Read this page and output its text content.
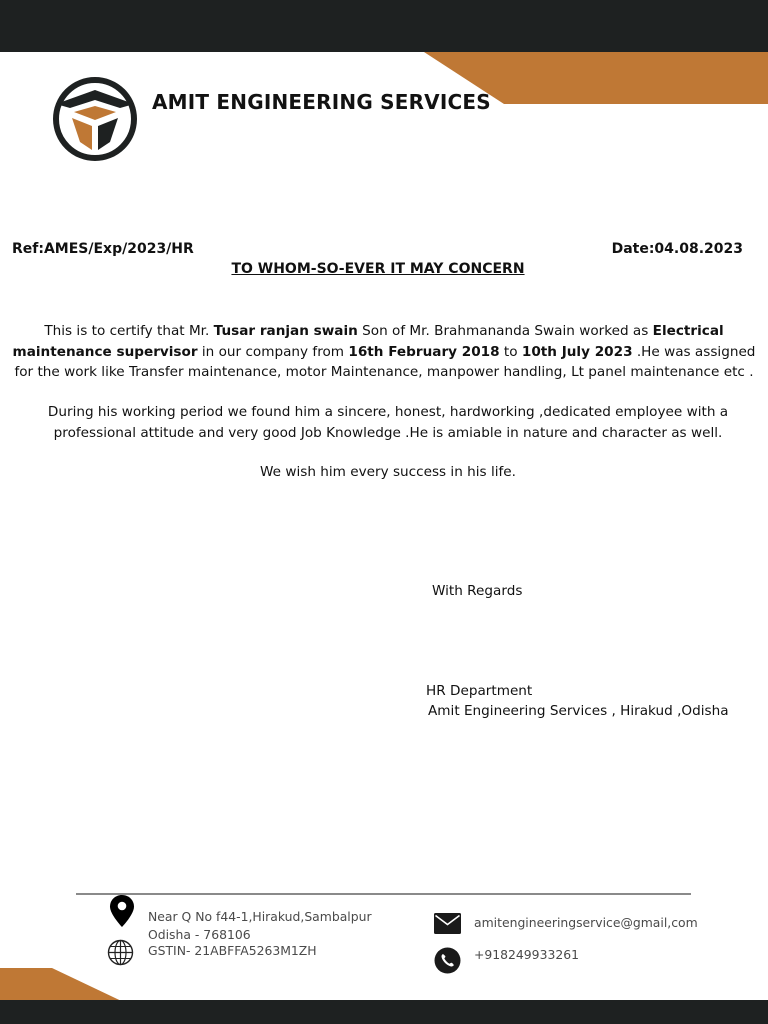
AMIT ENGINEERING SERVICES
Ref:AMES/Exp/2023/HR	Date:04.08.2023
TO WHOM-SO-EVER IT MAY CONCERN
This is to certify that Mr. Tusar ranjan swain Son of Mr. Brahmananda Swain worked as Electrical maintenance supervisor in our company from 16th February 2018 to 10th July 2023 .He was assigned for the work like Transfer maintenance, motor Maintenance, manpower handling, Lt panel maintenance etc .
During his working period we found him a sincere, honest, hardworking ,dedicated employee with a professional attitude and very good Job Knowledge .He is amiable in nature and character as well.
We wish him every success in his life.
With Regards
HR Department
Amit Engineering Services , Hirakud ,Odisha
Near Q No f44-1,Hirakud,Sambalpur
Odisha - 768106
GSTIN- 21ABFFA5263M1ZH
amitengineeringservice@gmail,com
+918249933261
